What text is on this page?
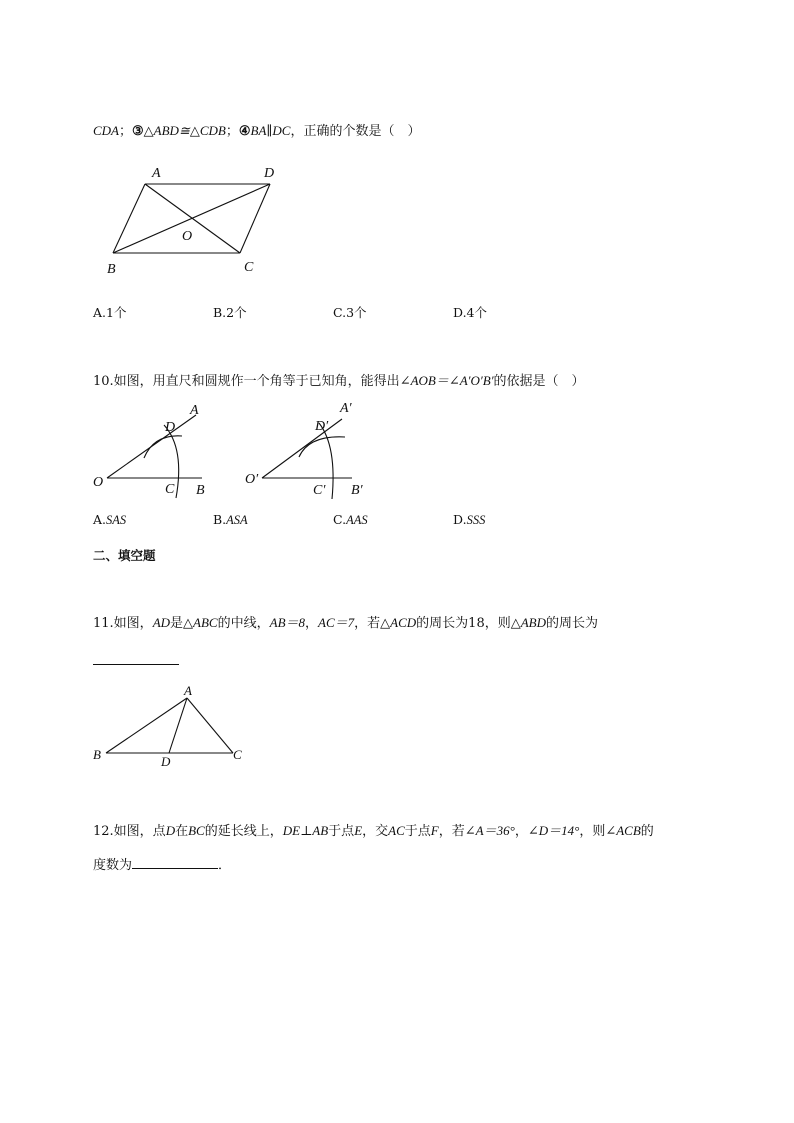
CDA；③△ABD≅△CDB；④BA∥DC，正确的个数是（　）
A	D
O
B	C
A.1个	B.2个	C.3个	D.4个
10.如图，用直尺和圆规作一个角等于已知角，能得出∠AOB＝∠A′O′B′的依据是（　）
A
D
O	C B
A′
D′
O′
C′ B′
A.SAS	B.ASA	C.AAS	D.SSS
二、填空题
11.如图，AD是△ABC的中线，AB＝8，AC＝7，若△ACD的周长为18，则△ABD的周长为
A
B	D	C
12.如图，点D在BC的延长线上，DE⊥AB于点E，交AC于点F，若∠A＝36°，∠D＝14°，则∠ACB的
度数为	．
